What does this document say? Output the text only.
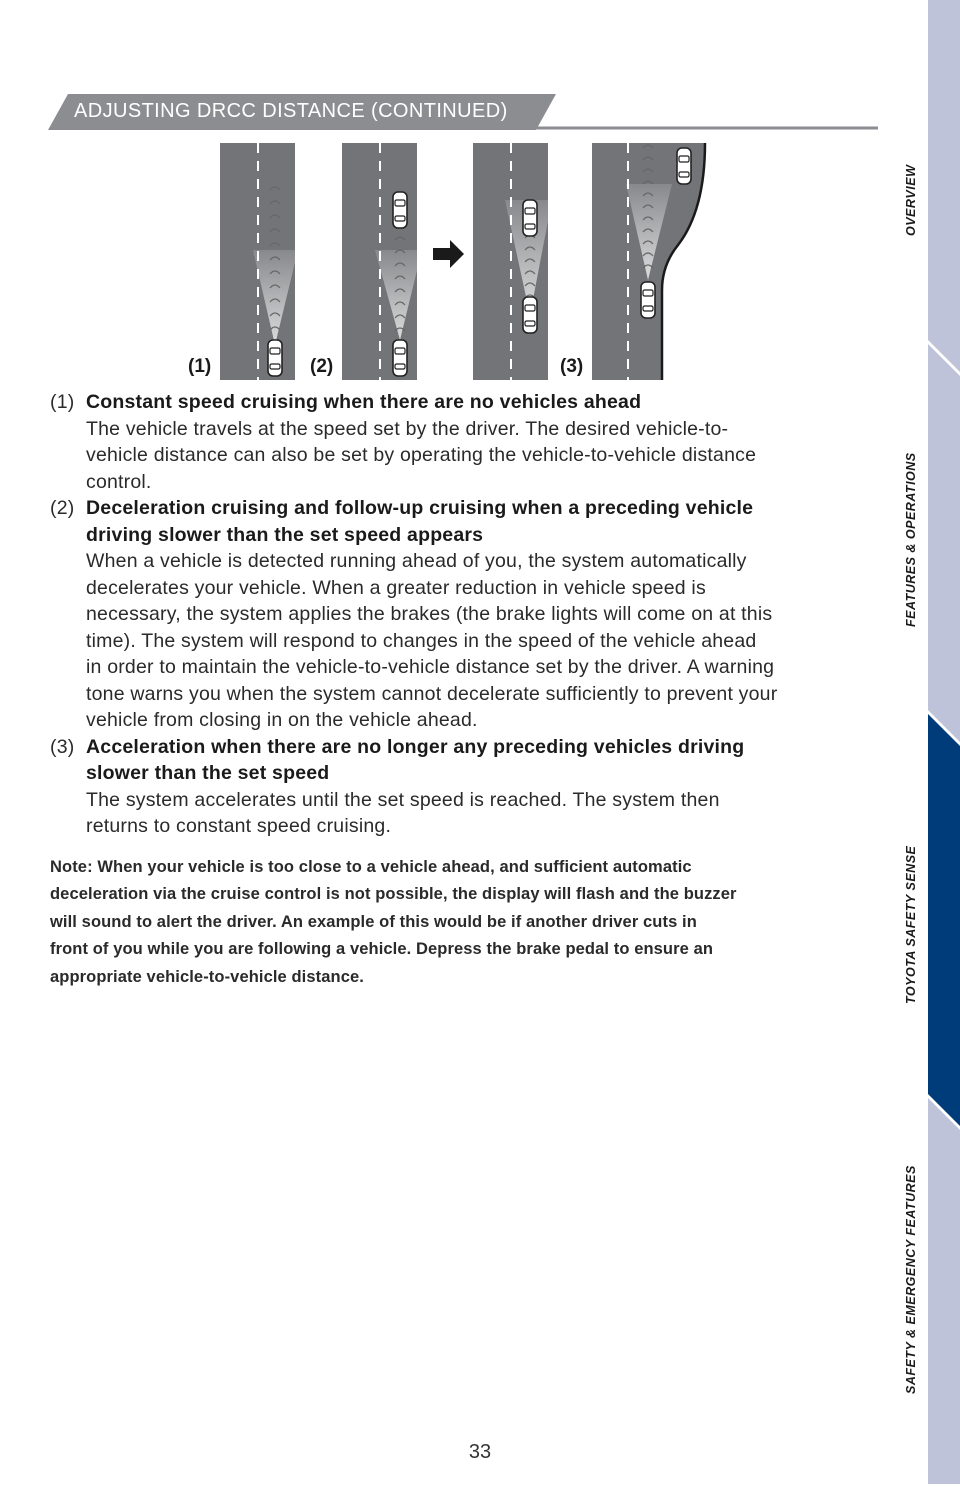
ADJUSTING DRCC DISTANCE (CONTINUED)
(1)	(2)	(3)
(1) Constant speed cruising when there are no vehicles ahead
The vehicle travels at the speed set by the driver. The desired vehicle-to-
vehicle distance can also be set by operating the vehicle-to-vehicle distance
control.
(2) Deceleration cruising and follow-up cruising when a preceding vehicle
driving slower than the set speed appears
When a vehicle is detected running ahead of you, the system automatically
decelerates your vehicle. When a greater reduction in vehicle speed is
necessary, the system applies the brakes (the brake lights will come on at this
time). The system will respond to changes in the speed of the vehicle ahead
in order to maintain the vehicle-to-vehicle distance set by the driver. A warning
tone warns you when the system cannot decelerate sufficiently to prevent your
vehicle from closing in on the vehicle ahead.
(3) Acceleration when there are no longer any preceding vehicles driving
slower than the set speed
The system accelerates until the set speed is reached. The system then
returns to constant speed cruising.
Note: When your vehicle is too close to a vehicle ahead, and sufficient automatic
deceleration via the cruise control is not possible, the display will flash and the buzzer
will sound to alert the driver. An example of this would be if another driver cuts in
front of you while you are following a vehicle. Depress the brake pedal to ensure an
appropriate vehicle-to-vehicle distance.
33
OVERVIEW
FEATURES & OPERATIONS
TOYOTA SAFETY SENSE
SAFETY & EMERGENCY FEATURES
